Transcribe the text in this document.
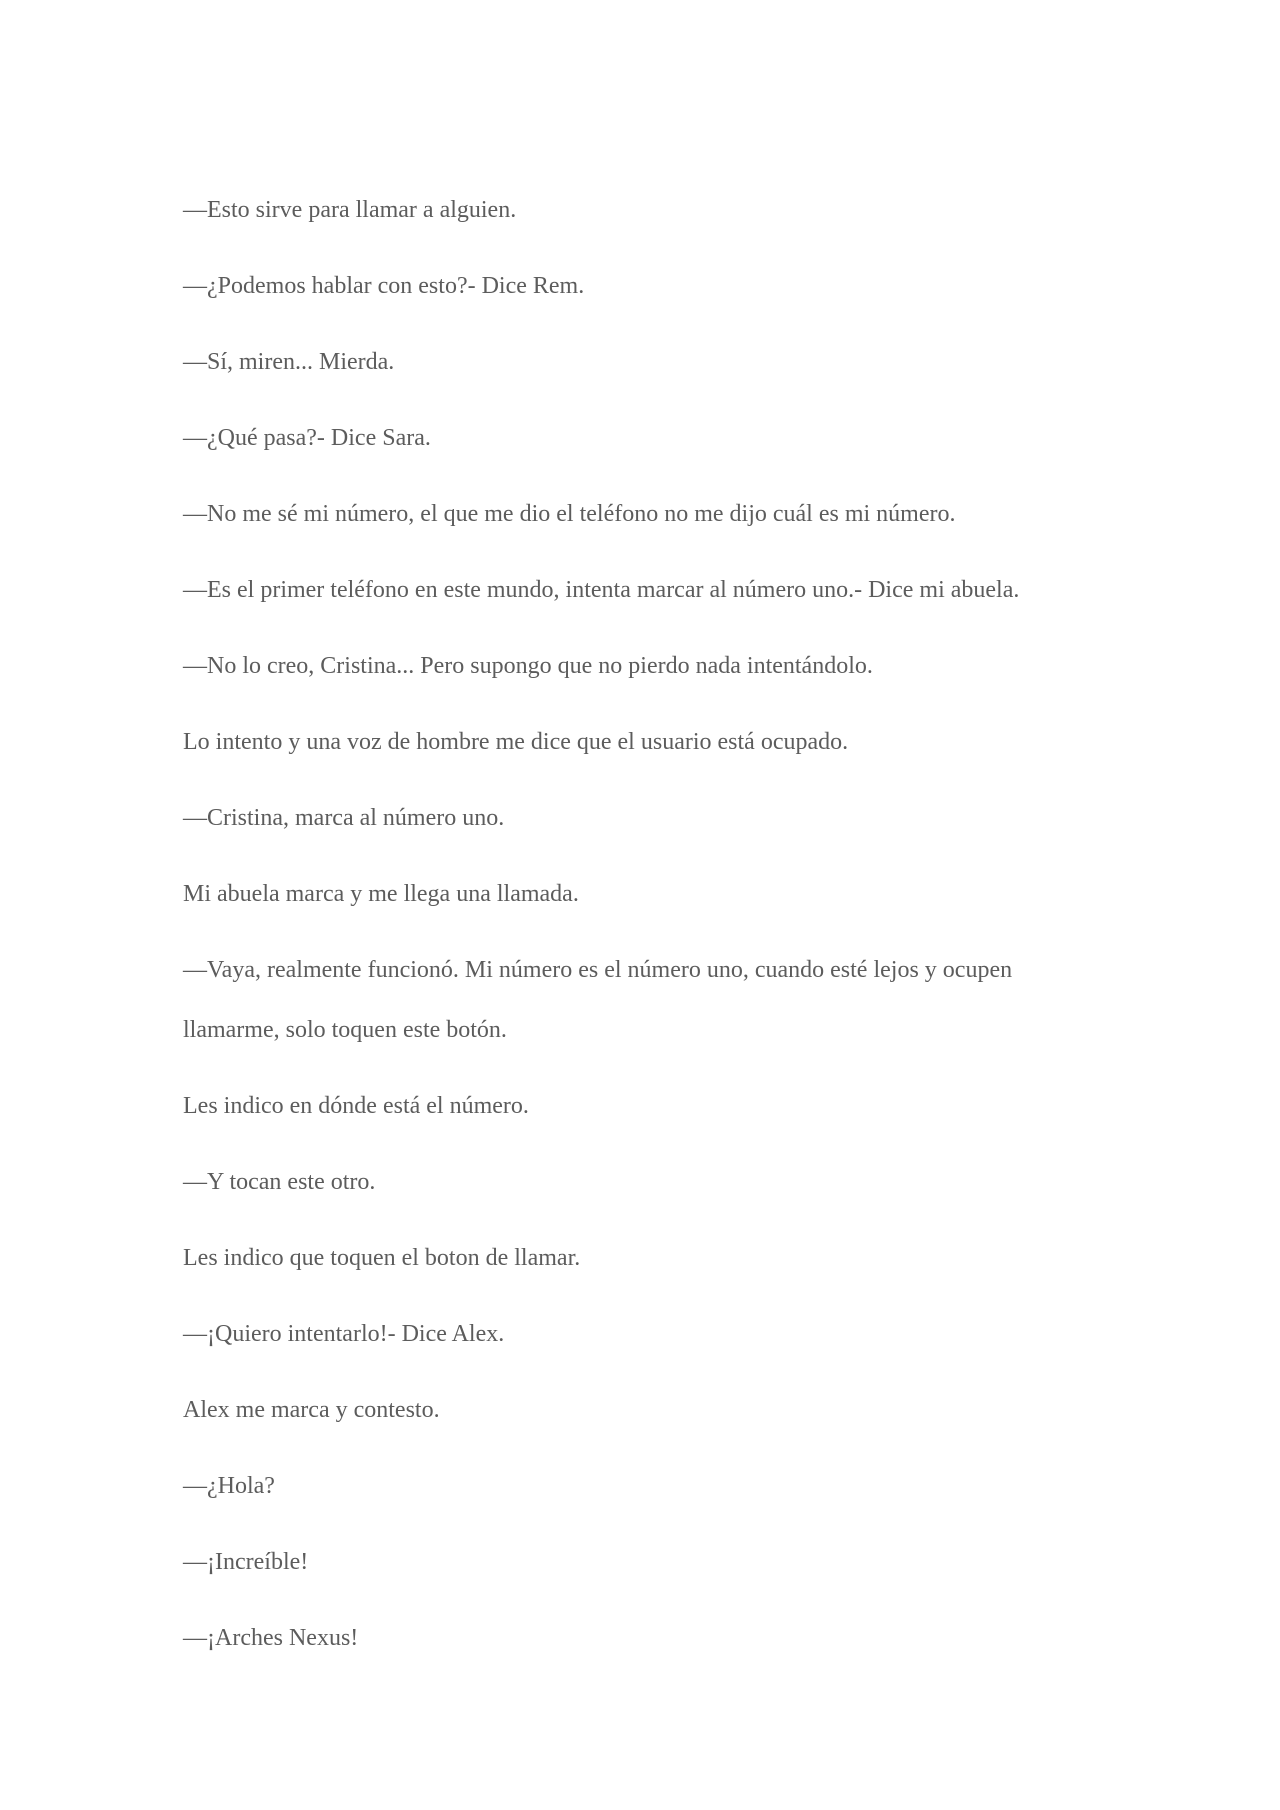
—Esto sirve para llamar a alguien.

—¿Podemos hablar con esto?- Dice Rem.

—Sí, miren... Mierda.

—¿Qué pasa?- Dice Sara.

—No me sé mi número, el que me dio el teléfono no me dijo cuál es mi número.

—Es el primer teléfono en este mundo, intenta marcar al número uno.- Dice mi abuela.

—No lo creo, Cristina... Pero supongo que no pierdo nada intentándolo.

Lo intento y una voz de hombre me dice que el usuario está ocupado.

—Cristina, marca al número uno.

Mi abuela marca y me llega una llamada.

—Vaya, realmente funcionó. Mi número es el número uno, cuando esté lejos y ocupen llamarme, solo toquen este botón.

Les indico en dónde está el número.

—Y tocan este otro.

Les indico que toquen el boton de llamar.

—¡Quiero intentarlo!- Dice Alex.

Alex me marca y contesto.

—¿Hola?

—¡Increíble!

—¡Arches Nexus!
